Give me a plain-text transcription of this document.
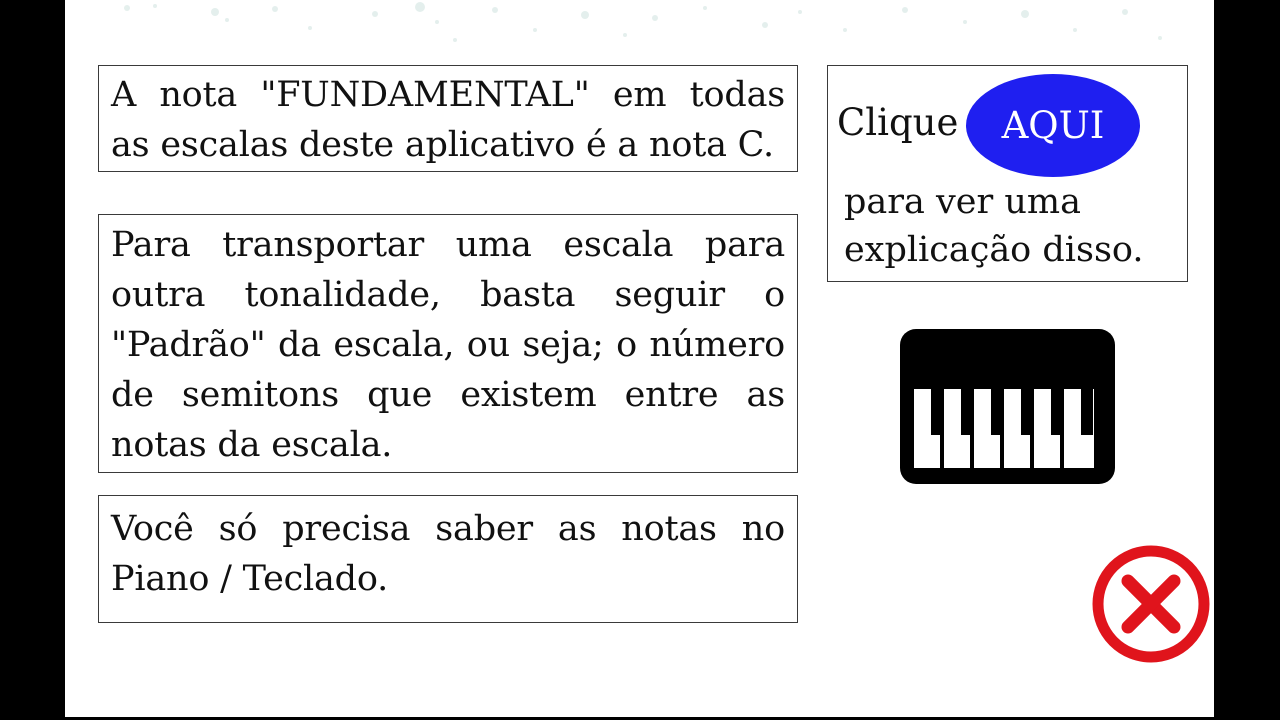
A nota "FUNDAMENTAL" em todas as escalas deste aplicativo é a nota C.

Para transportar uma escala para outra tonalidade, basta seguir o "Padrão" da escala, ou seja; o número de semitons que existem entre as notas da escala.

Você só precisa saber as notas no Piano / Teclado.

Clique	AQUI
para ver uma explicação disso.
